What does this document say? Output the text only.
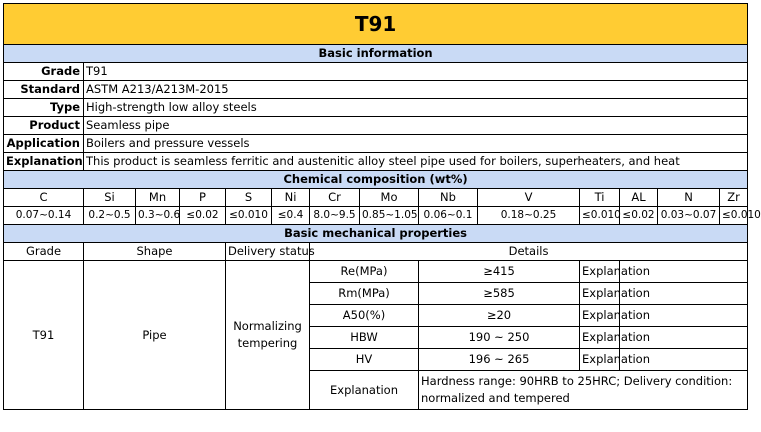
T91													
Basic information													
Grade	T91												
Standard	ASTM A213/A213M-2015												
Type	High-strength low alloy steels												
Product	Seamless pipe												
Application	Boilers and pressure vessels												
Explanation	This product is seamless ferritic and austenitic alloy steel pipe used for boilers, superheaters, and heat												
Chemical composition (wt%)													
C	Si	Mn	P	S	Ni	Cr	Mo	Nb	V	Ti	AL	N	Zr
0.07~0.14	0.2~0.5	0.3~0.6	≤0.02	≤0.010	≤0.4	8.0~9.5	0.85~1.05	0.06~0.1	0.18~0.25	≤0.010	≤0.02	0.03~0.07	≤0.010
Basic mechanical properties													
Grade	Shape			Delivery status		Details							
T91	Pipe			Normalizing tempering		Re(MPa)		≥415		Explanation			
						Rm(MPa)		≥585		Explanation			
						A50(%)		≥20		Explanation			
						HBW		190 ~ 250		Explanation			
						HV		196 ~ 265		Explanation			
						Explanation		Hardness range: 90HRB to 25HRC; Delivery condition: normalized and tempered					
